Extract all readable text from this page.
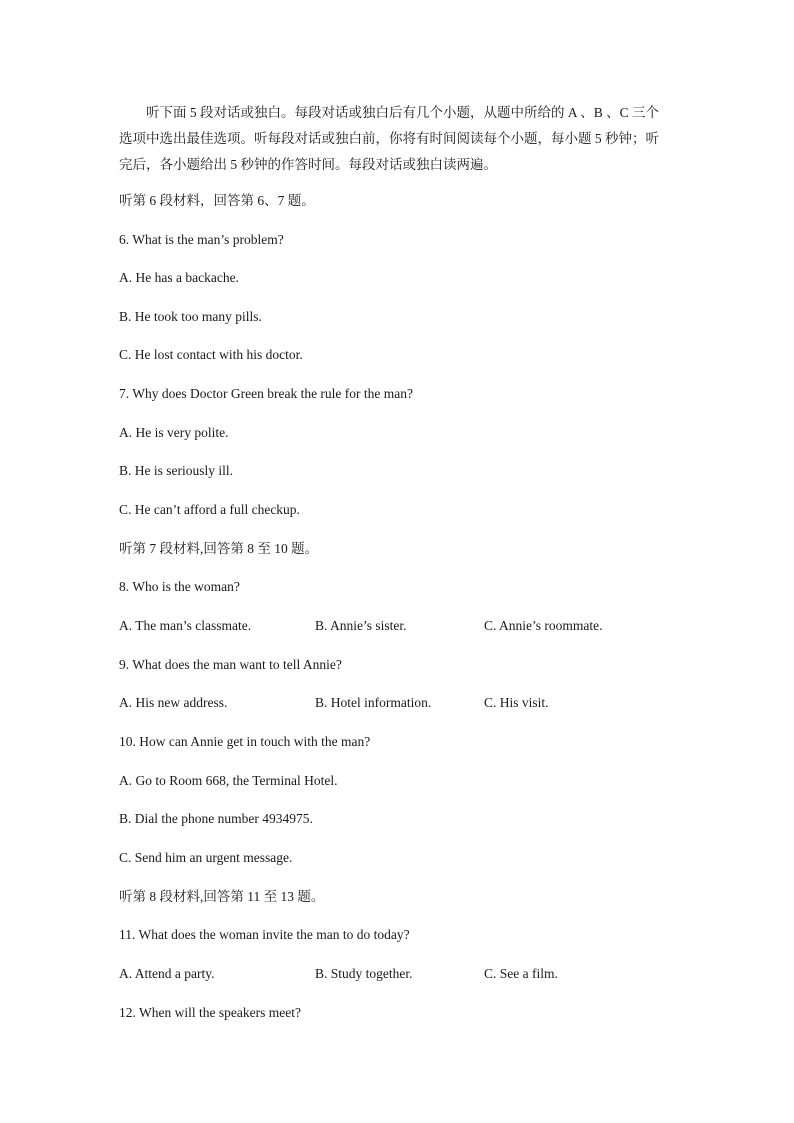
听下面 5 段对话或独白。每段对话或独白后有几个小题，从题中所给的 A 、B 、C 三个
选项中选出最佳选项。听每段对话或独白前，你将有时间阅读每个小题，每小题 5 秒钟；听
完后，各小题给出 5 秒钟的作答时间。每段对话或独白读两遍。
听第 6 段材料，回答第 6、7 题。
6. What is the man’s problem?
A. He has a backache.
B. He took too many pills.
C. He lost contact with his doctor.
7. Why does Doctor Green break the rule for the man?
A. He is very polite.
B. He is seriously ill.
C. He can’t afford a full checkup.
听第 7 段材料,回答第 8 至 10 题。
8. Who is the woman?
A. The man’s classmate.	B. Annie’s sister.	C. Annie’s roommate.
9. What does the man want to tell Annie?
A. His new address.	B. Hotel information.	C. His visit.
10. How can Annie get in touch with the man?
A. Go to Room 668, the Terminal Hotel.
B. Dial the phone number 4934975.
C. Send him an urgent message.
听第 8 段材料,回答第 11 至 13 题。
11. What does the woman invite the man to do today?
A. Attend a party.	B. Study together.	C. See a film.
12. When will the speakers meet?
